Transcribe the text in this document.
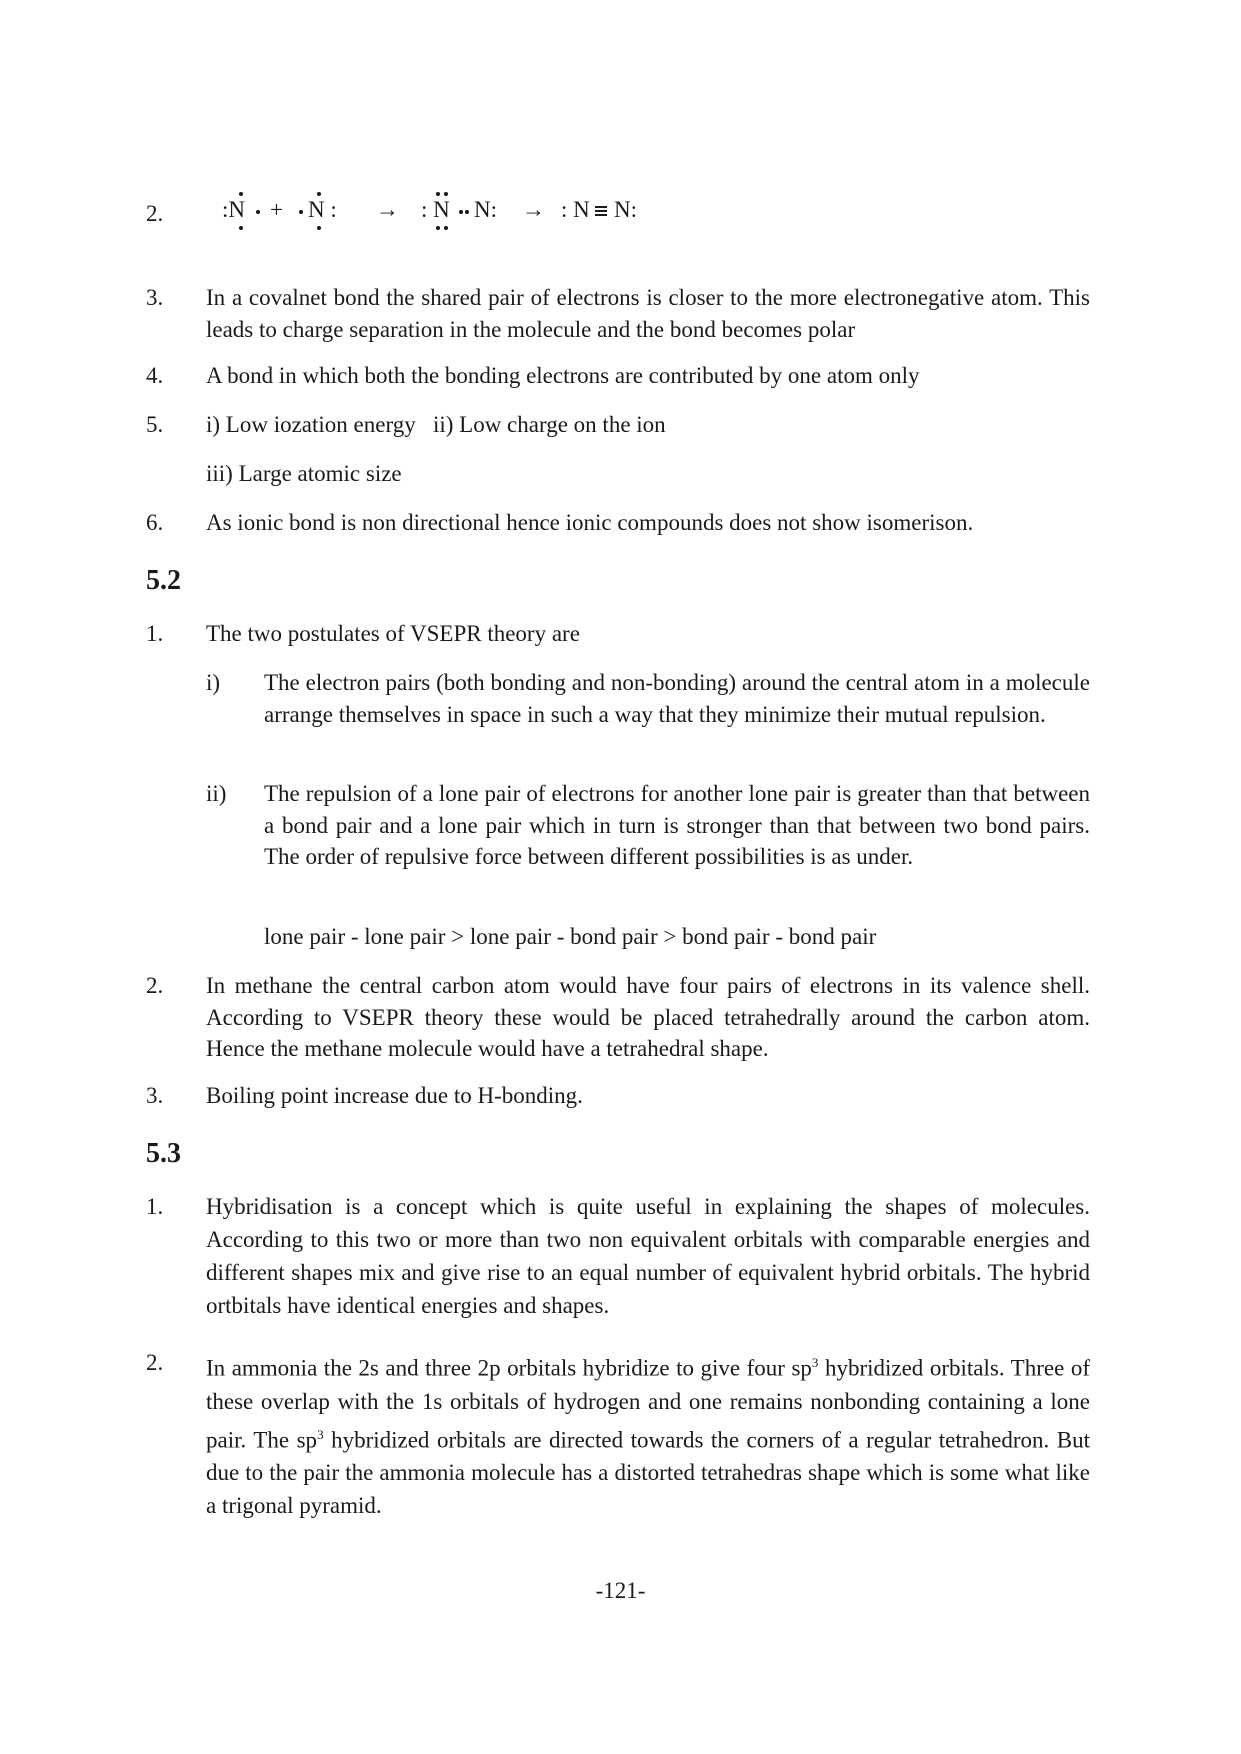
2.	:N + N : → : N N: → : N N:
3.	In a covalnet bond the shared pair of electrons is closer to the more electronegative atom. This leads to charge separation in the molecule and the bond becomes polar
4.	A bond in which both the bonding electrons are contributed by one atom only
5.	i) Low iozation energy   ii) Low charge on the ion
iii) Large atomic size
6.	As ionic bond is non directional hence ionic compounds does not show isomerison.
5.2
1.	The two postulates of VSEPR theory are
i)	The electron pairs (both bonding and non-bonding) around the central atom in a molecule arrange themselves in space in such a way that they minimize their mutual repulsion.
ii)	The repulsion of a lone pair of electrons for another lone pair is greater than that between a bond pair and a lone pair which in turn is stronger than that between two bond pairs. The order of repulsive force between different possibilities is as under.
lone pair - lone pair > lone pair - bond pair > bond pair - bond pair
2.	In methane the central carbon atom would have four pairs of electrons in its valence shell. According to VSEPR theory these would be placed tetrahedrally around the carbon atom. Hence the methane molecule would have a tetrahedral shape.
3.	Boiling point increase due to H-bonding.
5.3
1.	Hybridisation is a concept which is quite useful in explaining the shapes of molecules. According to this two or more than two non equivalent orbitals with comparable energies and different shapes mix and give rise to an equal number of equivalent hybrid orbitals. The hybrid ortbitals have identical energies and shapes.
2.	In ammonia the 2s and three 2p orbitals hybridize to give four $sp^3$ hybridized orbitals. Three of these overlap with the 1s orbitals of hydrogen and one remains nonbonding containing a lone pair. The $sp^3$ hybridized orbitals are directed towards the corners of a regular tetrahedron. But due to the pair the ammonia molecule has a distorted tetrahedras shape which is some what like a trigonal pyramid.
-121-
